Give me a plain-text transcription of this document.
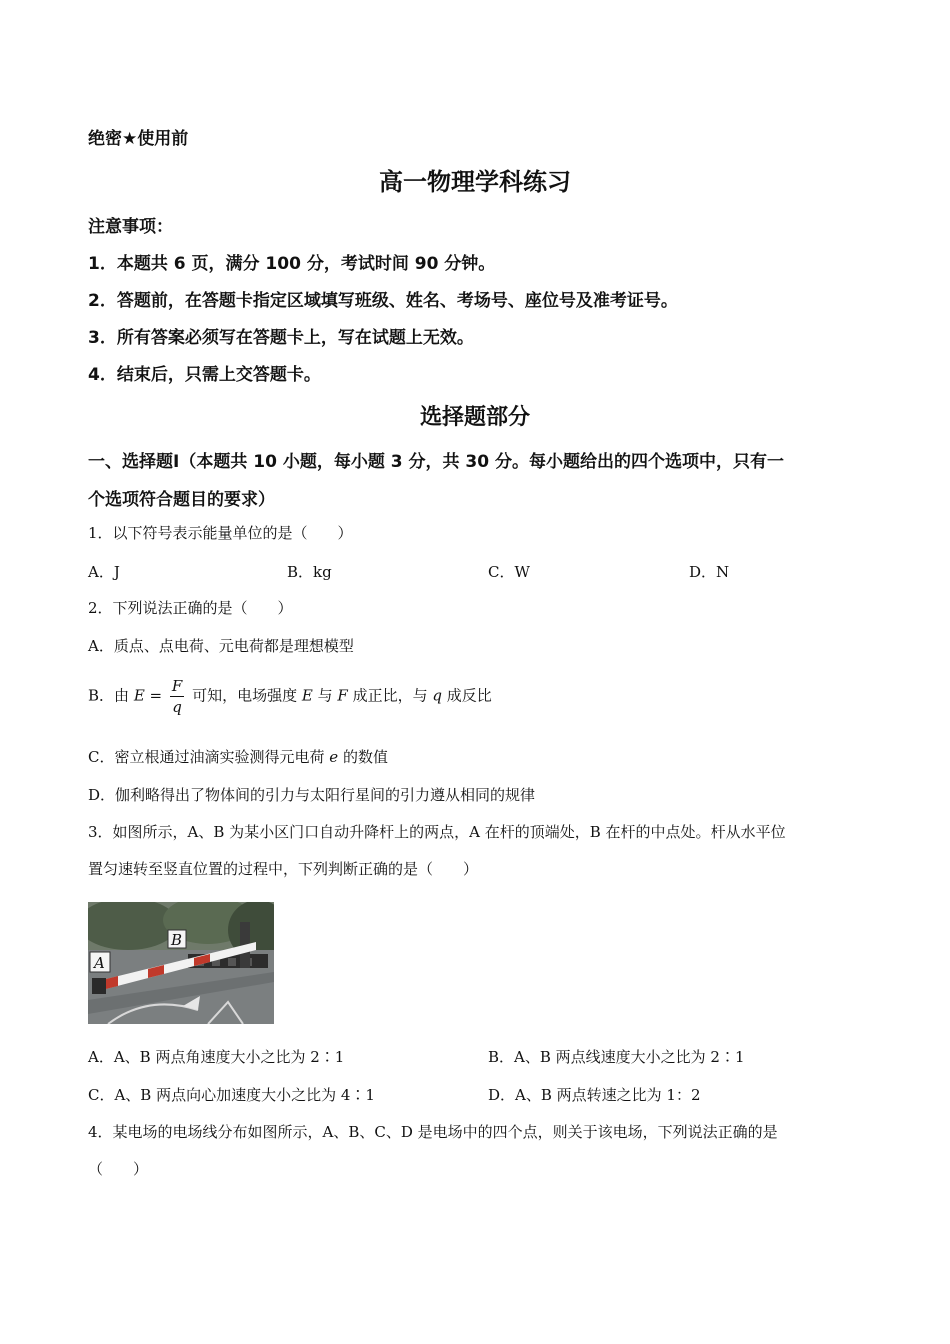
绝密★使用前
高一物理学科练习
注意事项：
1．本题共 6 页，满分 100 分，考试时间 90 分钟。
2．答题前，在答题卡指定区域填写班级、姓名、考场号、座位号及准考证号。
3．所有答案必须写在答题卡上，写在试题上无效。
4．结束后，只需上交答题卡。
选择题部分
一、选择题Ⅰ（本题共 10 小题，每小题 3 分，共 30 分。每小题给出的四个选项中，只有一
个选项符合题目的要求）
1．以下符号表示能量单位的是（　　）
A．J	B．kg	C．W	D．N
2．下列说法正确的是（　　）
A．质点、点电荷、元电荷都是理想模型
B．由 $E = \frac{F}{q}$ 可知，电场强度 E 与 F 成正比，与 q 成反比
C．密立根通过油滴实验测得元电荷 e 的数值
D．伽利略得出了物体间的引力与太阳行星间的引力遵从相同的规律
3．如图所示，A、B 为某小区门口自动升降杆上的两点，A 在杆的顶端处，B 在杆的中点处。杆从水平位
置匀速转至竖直位置的过程中，下列判断正确的是（　　）
A
B
A．A、B 两点角速度大小之比为 2∶1	B．A、B 两点线速度大小之比为 2∶1
C．A、B 两点向心加速度大小之比为 4∶1	D．A、B 两点转速之比为 1：2
4．某电场的电场线分布如图所示，A、B、C、D 是电场中的四个点，则关于该电场，下列说法正确的是
（　　）
